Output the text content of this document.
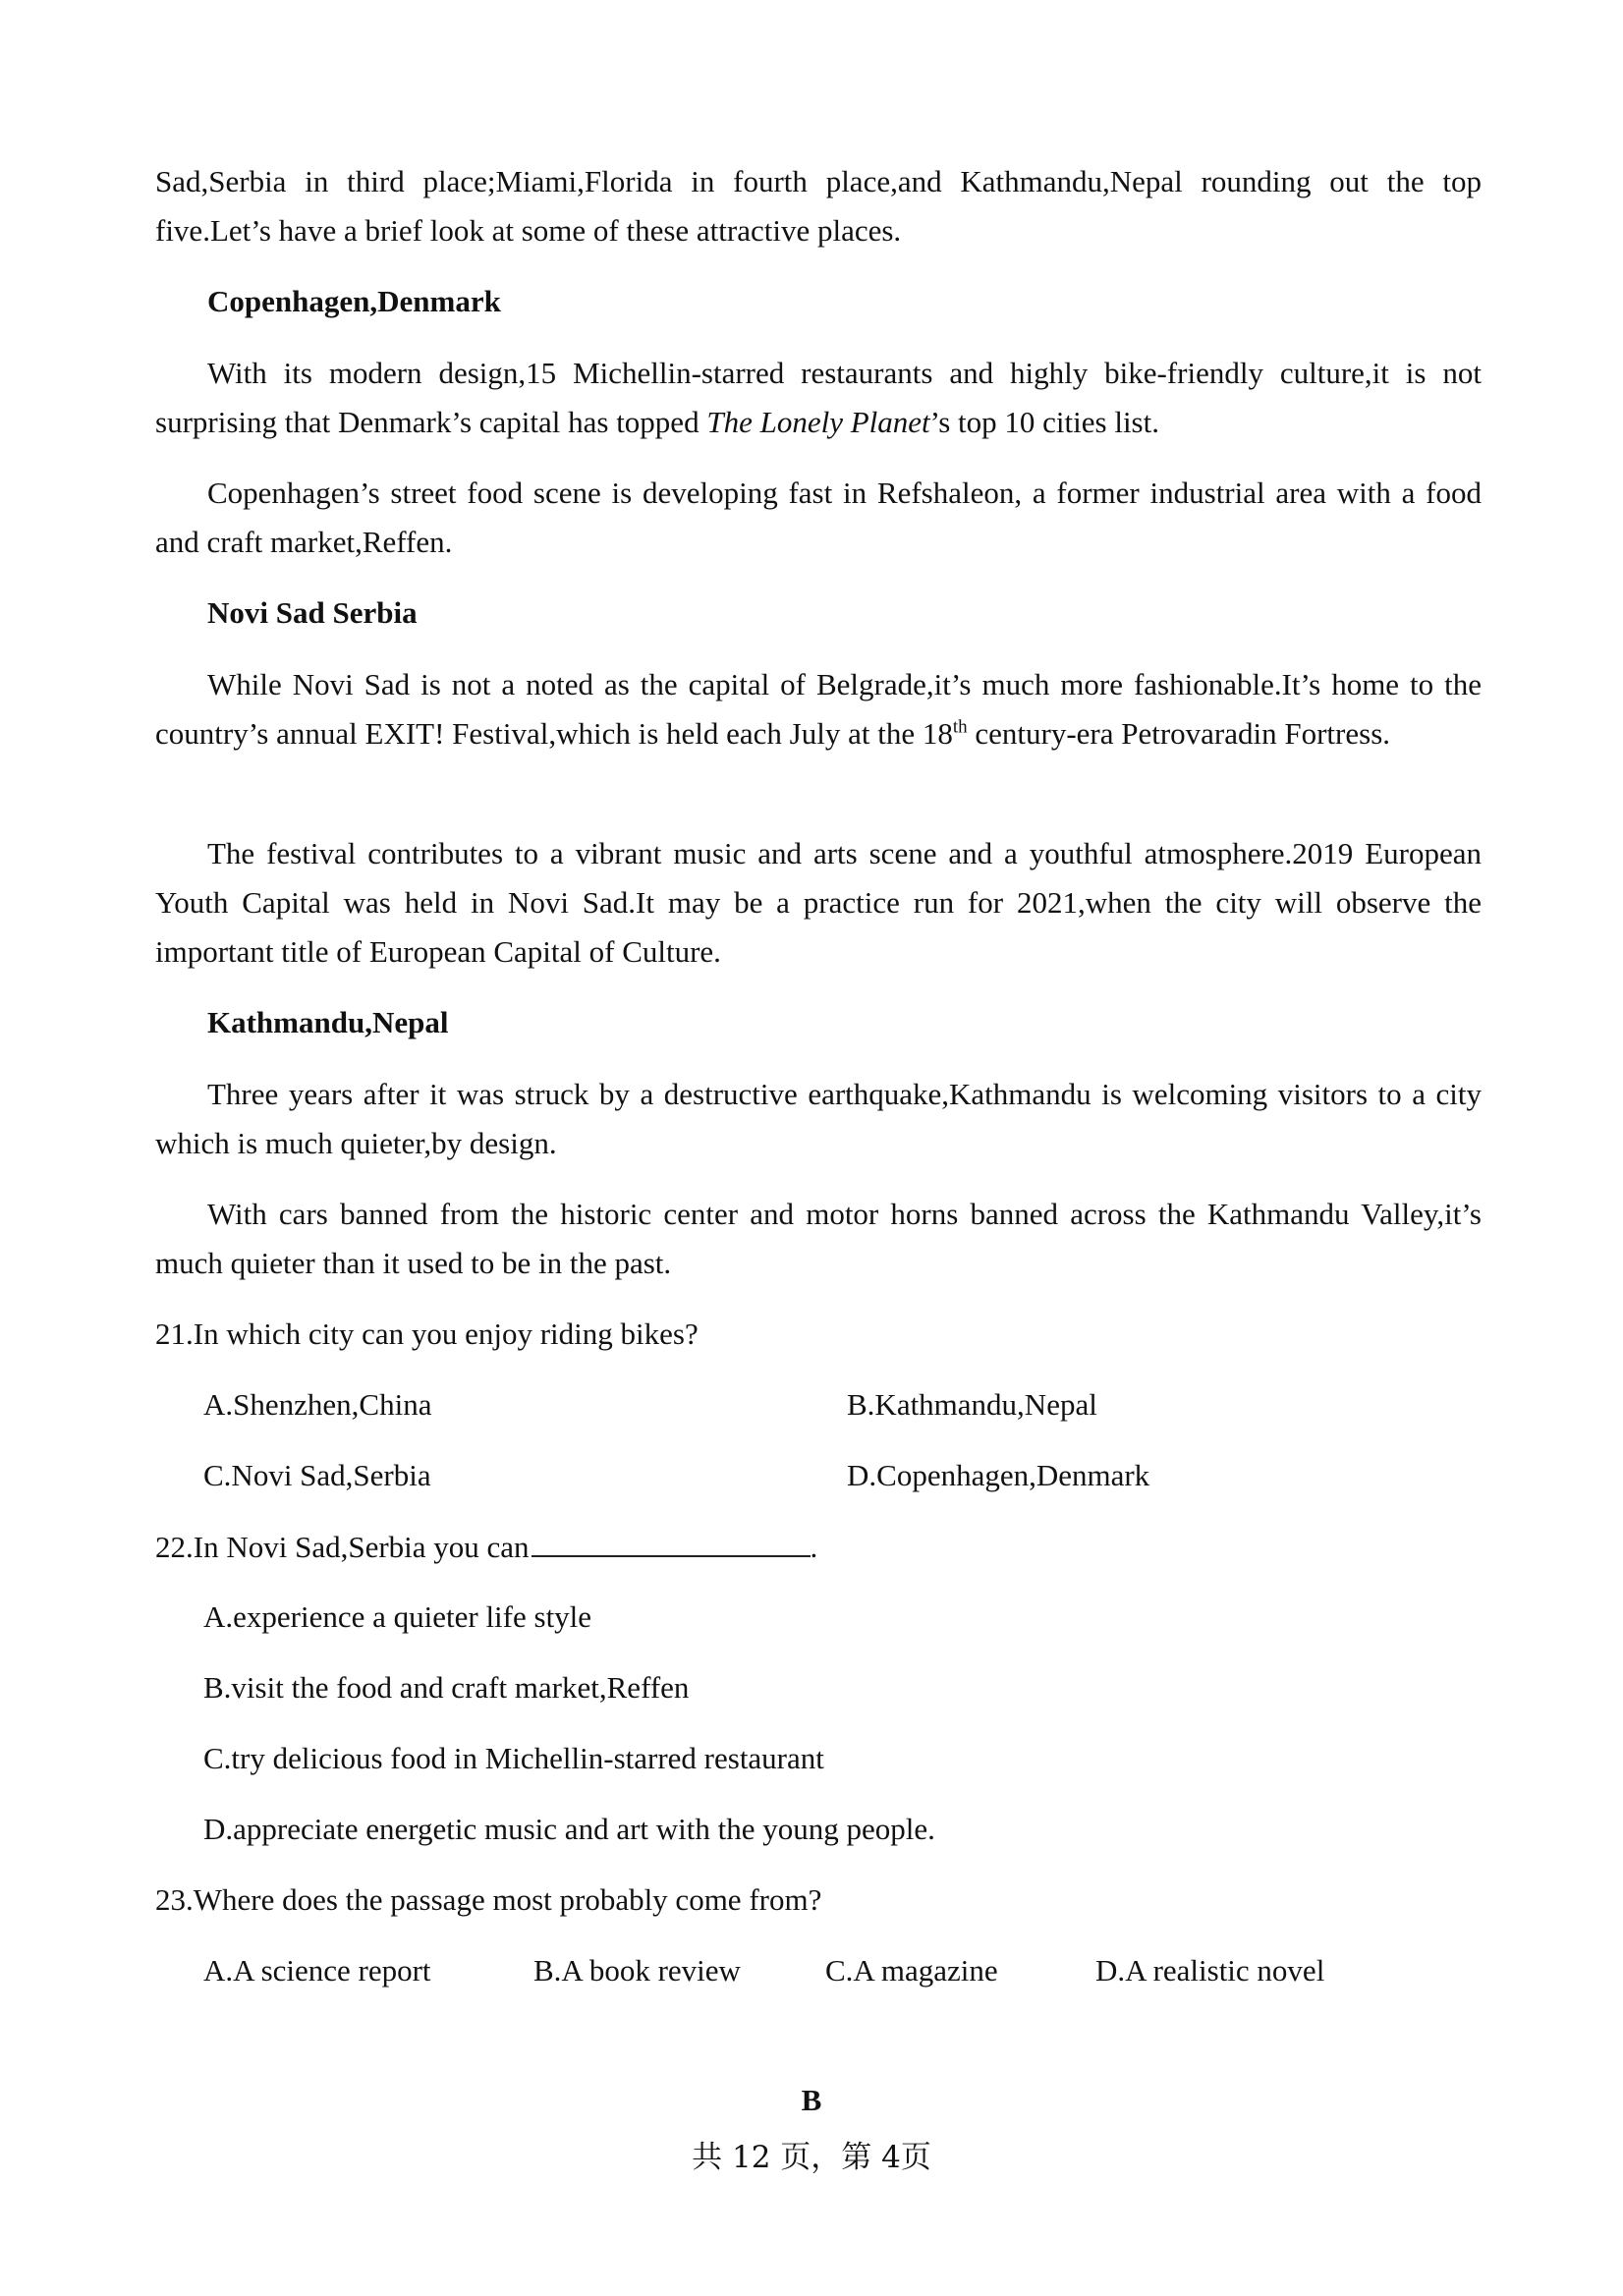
Sad,Serbia in third place;Miami,Florida in fourth place,and Kathmandu,Nepal rounding out the top five.Let’s have a brief look at some of these attractive places.

Copenhagen,Denmark

With its modern design,15 Michellin-starred restaurants and highly bike-friendly culture,it is not surprising that Denmark’s capital has topped The Lonely Planet’s top 10 cities list.

Copenhagen’s street food scene is developing fast in Refshaleon, a former industrial area with a food and craft market,Reffen.

Novi Sad Serbia

While Novi Sad is not a noted as the capital of Belgrade,it’s much more fashionable.It’s home to the country’s annual EXIT! Festival,which is held each July at the 18th century-era Petrovaradin Fortress.

The festival contributes to a vibrant music and arts scene and a youthful atmosphere.2019 European Youth Capital was held in Novi Sad.It may be a practice run for 2021,when the city will observe the important title of European Capital of Culture.

Kathmandu,Nepal

Three years after it was struck by a destructive earthquake,Kathmandu is welcoming visitors to a city which is much quieter,by design.

With cars banned from the historic center and motor horns banned across the Kathmandu Valley,it’s much quieter than it used to be in the past.

21.In which city can you enjoy riding bikes?

A.Shenzhen,China	B.Kathmandu,Nepal

C.Novi Sad,Serbia	D.Copenhagen,Denmark

22.In Novi Sad,Serbia you can	.

A.experience a quieter life style

B.visit the food and craft market,Reffen

C.try delicious food in Michellin-starred restaurant

D.appreciate energetic music and art with the young people.

23.Where does the passage most probably come from?

A.A science report	B.A book review	C.A magazine	D.A realistic novel

B
共 12 页，第 4页
